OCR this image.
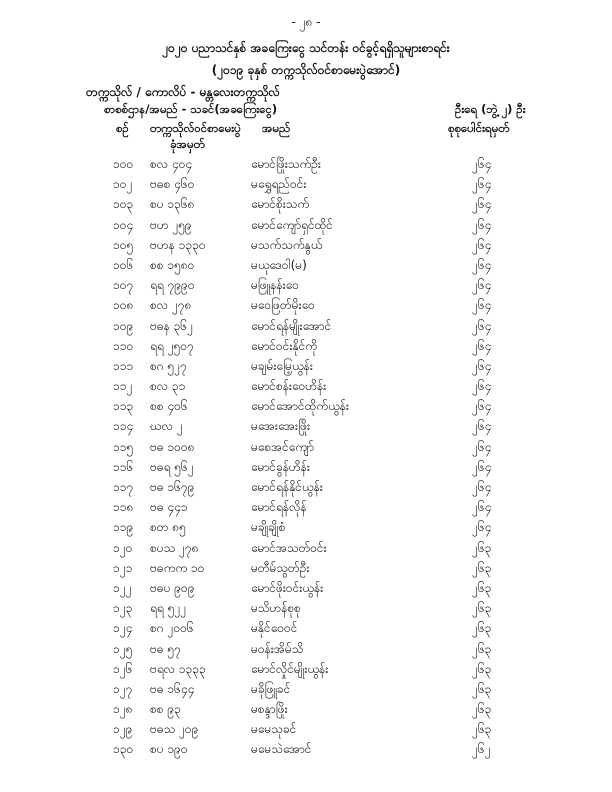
- ၂၈ -
၂၀၂၀ ပညာသင်နှစ် အခကြေးငွေ သင်တန်း ဝင်ခွင့်ရရှိသူများစာရင်း
(၂၀၁၉ ခုနှစ် တက္ကသိုလ်ဝင်စာမေးပွဲအောင်)
တက္ကသိုလ် / ကောလိပ် - မန္တလေးတက္ကသိုလ်
စာစစ်ဌာန/အမည် - သခင်(အခကြေးငွေ)	ဦးရေ (ဘွဲ့ ၂) ဦး
စဉ် တက္ကသိုလ်ဝင်စာမေးပွဲ
ခုံအမှတ်
အမည်	စုစုပေါင်းရမှတ်
၁၀၀ စလ ၄၀၄	မောင်ဖြိုးသက်ဦး	၂၆၄
၁၀၂ ဗဓစ ၄၆၀	မရွှေရည်ဝင်း	၂၆၄
၁၀၃ စပ ၁၃၆၈	မောင်စိုးသက်	၂၆၄
၁၀၄ ဗဟ ၂၅၉	မောင်ကျော်ရှင်ထိုင်	၂၆၄
၁၀၅ ဗဟန ၁၃၃၀	မသက်သက်နွယ်	၂၆၄
၁၀၆ စစ ၁၅၈၀	မယုဒေဝါ(မ)	၂၆၄
၁၀၇ ရရ ၇၉၉၀	မဖြူနန်းဝေ	၂၆၄
၁၀၈ စလ ၂၇၈	မဝေဖြတ်မိုးဝေ	၂၆၄
၁၀၉ ဗဓန ၃၆၂	မောင်ရန်မျိုးအောင်	၂၆၄
၁၁၀ ရရ ၂၅၀၇	မောင်ဝင်းနိုင်ကို	၂၆၄
၁၁၁ စဂ ၅၂၇	မချမ်းမြေ့ယွန်း	၂၆၄
၁၁၂ စလ ၃၁	မောင်စန်းဝေဟိန်း	၂၆၄
၁၁၃ စစ ၄၀၆	မောင်အောင်ထိုက်ယွန်း	၂၆၄
၁၁၄ ဃလ ၂	မအေးအေးဖြိုး	၂၆၄
၁၁၅ ဗဓ ၁၀၀၈	မစေအင်ကျော်	၂၆၄
၁၁၆ ဗဓရ ၅၆၂	မောင်ခွန်ဟိန်း	၂၆၄
၁၁၇ ဗဓ ၁၆၇၉	မောင်ရန်နိုင်ယွန်း	၂၆၄
၁၁၈ ဗဓ ၄၄၁	မောင်ရန်လိုန်	၂၆၄
၁၁၉ စတ ၈၅	မချိုချိုစံ	၂၆၄
၁၂၀ စပသ ၂၇၈	မောင်အသတ်ဝင်း	၂၆၃
၁၂၁ ဗဓကက ၁၀	မတီမ်သွတ်ဦး	၂၆၃
၁၂၂ ဗဓပ ၉၀၉	မောင်ဖိုးဝင်းယွန်း	၂၆၃
၁၂၃ ရရ ၅၂၂	မသိဟန်စုစု	၂၆၃
၁၂၄ စဂ ၂၀၀၆	မနိုင်ဝေဝင်	၂၆၃
၁၂၅ ဗဓ ၅၇	မဝန်းအိမ်သိ	၂၆၃
၁၂၆ ဗရလ ၁၃၃၃	မောင်လှိုင်မျိုးယွန်း	၂၆၃
၁၂၇ ဗဓ ၁၆၄၄	မခိုဖြူခင်	၂၆၃
၁၂၈ စစ ၉၃	မစန္ဒာဖြိုး	၂၆၃
၁၂၉ ဗဓသ ၂၀၉	မမေသုခင်	၂၆၃
၁၃၀ စပ ၁၉၀	မမေသဲအောင်	၂၆၂
